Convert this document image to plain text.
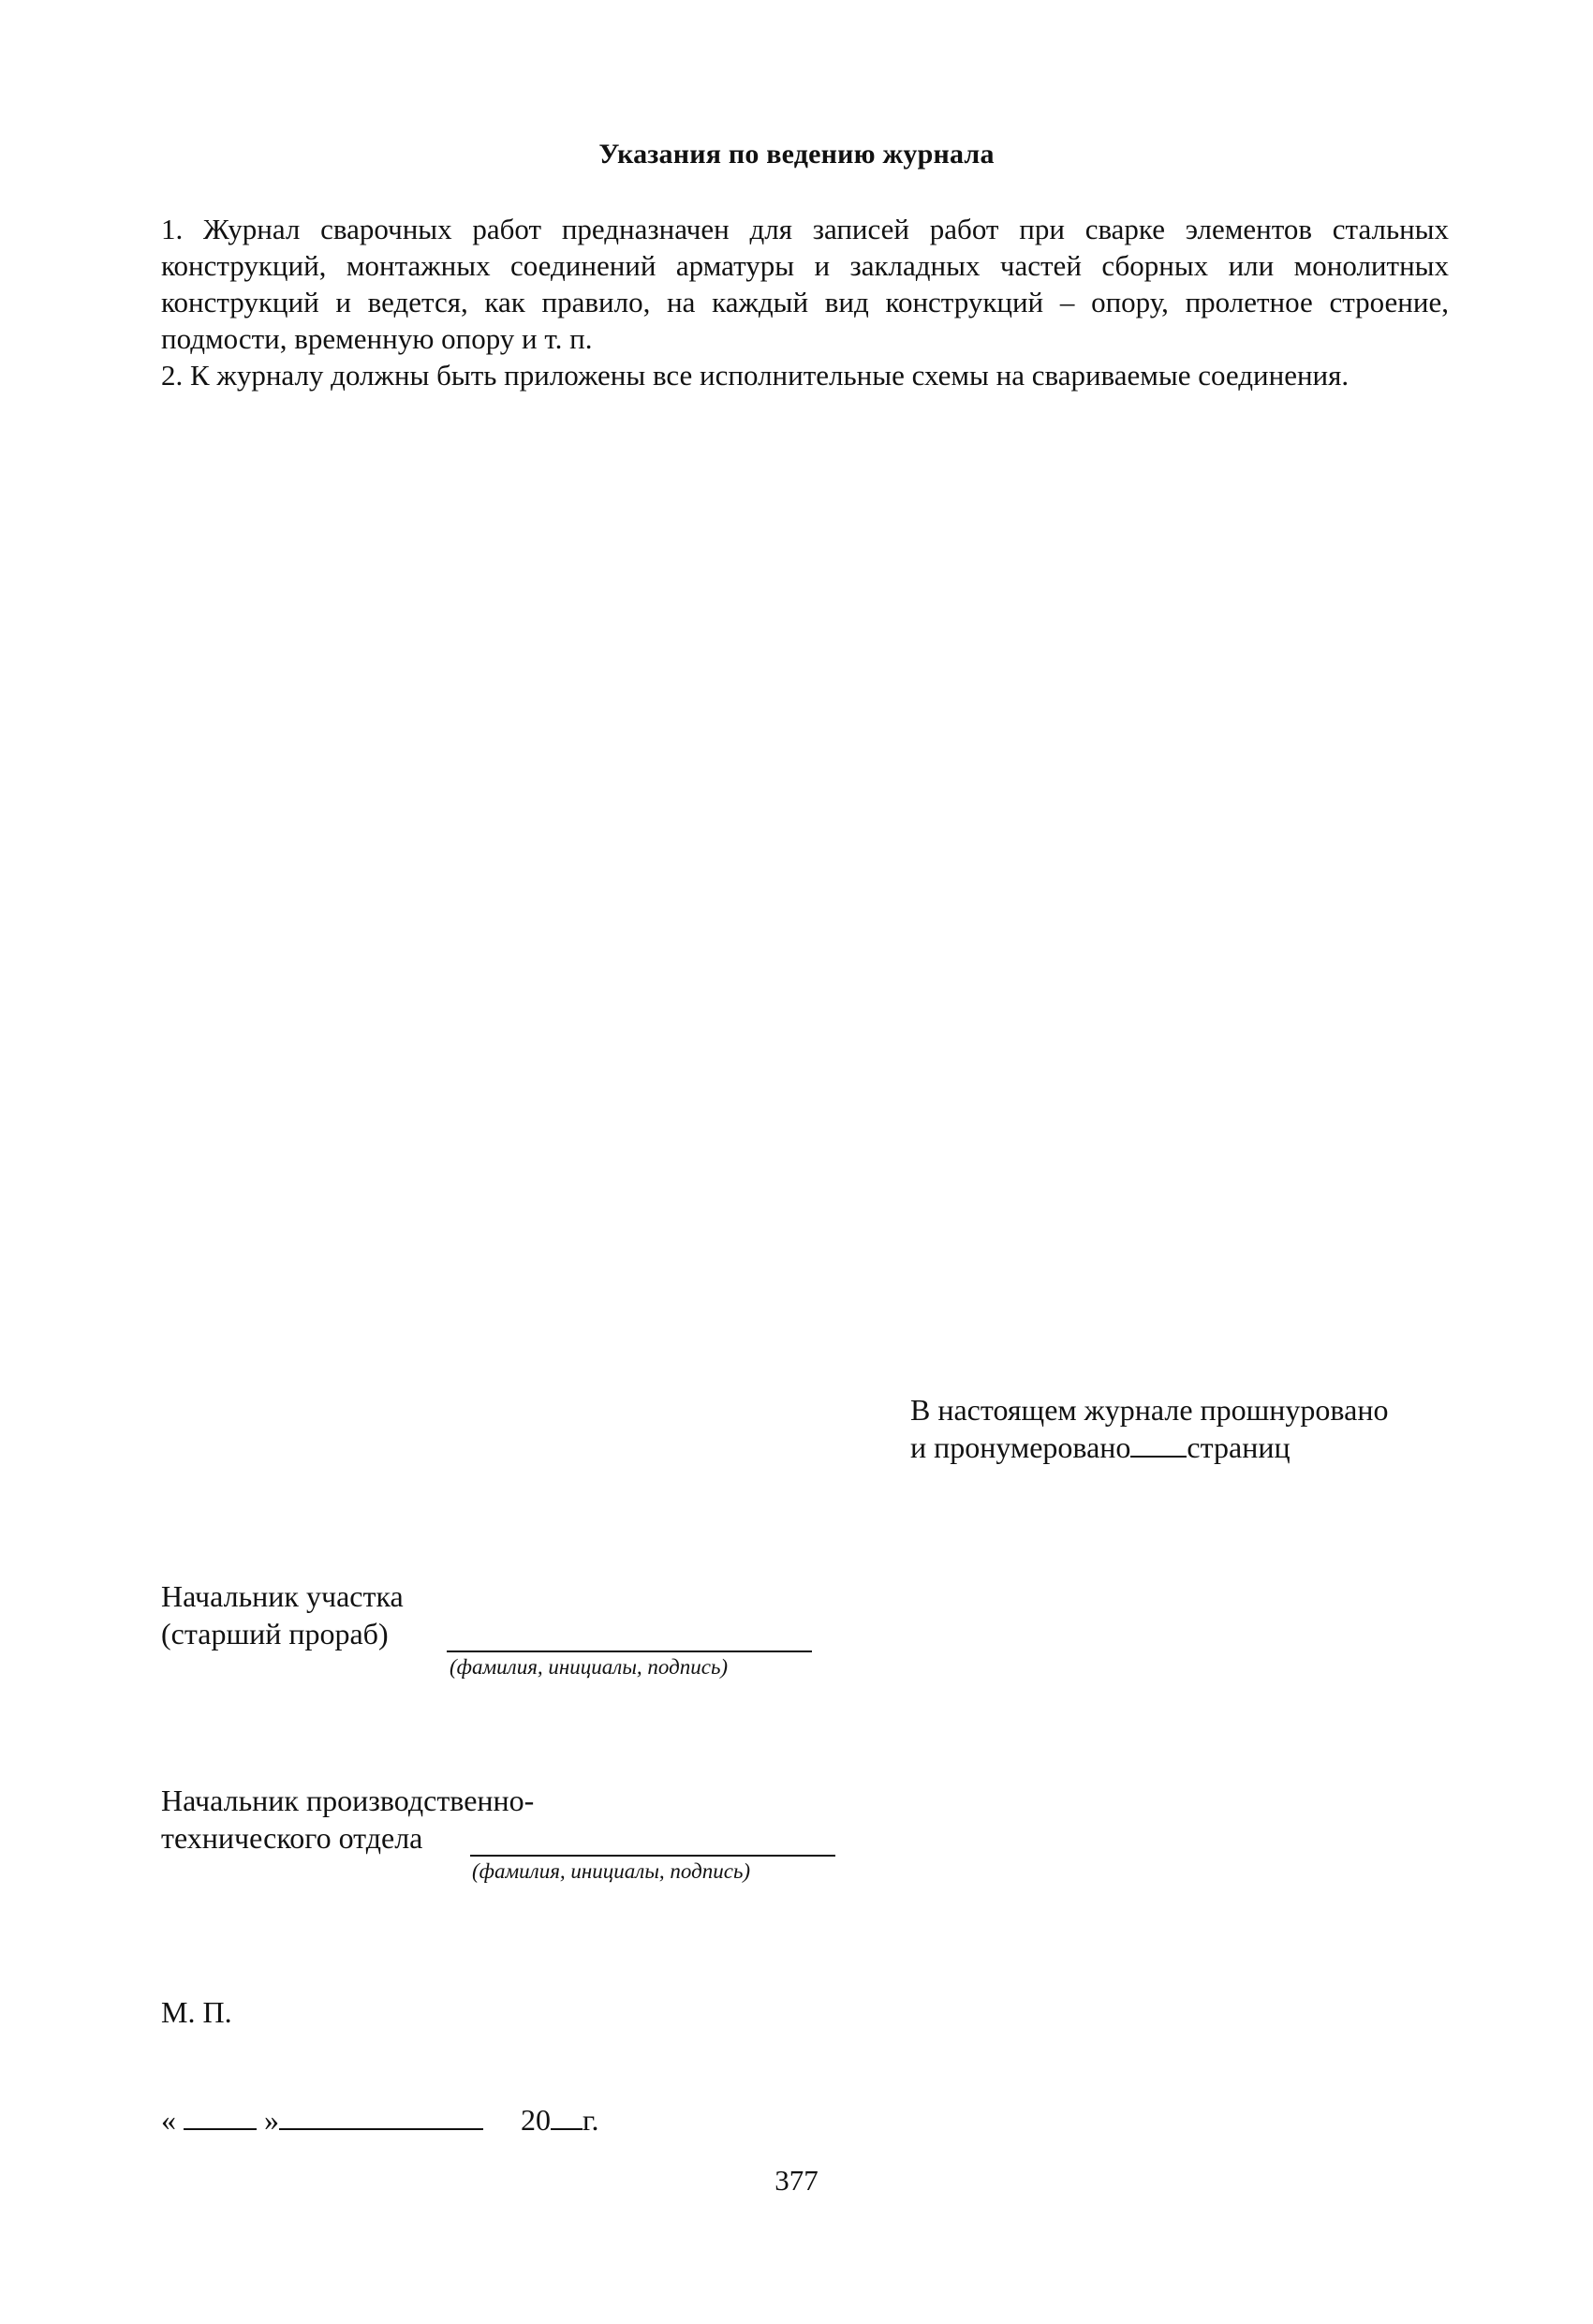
Указания по ведению журнала
1. Журнал сварочных работ предназначен для записей работ при сварке элементов стальных конструкций, монтажных соединений арматуры и закладных частей сборных или монолитных конструкций и ведется, как правило, на каждый вид конструкций – опору, пролетное строение, подмости, временную опору и т. п.
2. К журналу должны быть приложены все исполнительные схемы на свариваемые соединения.
В настоящем журнале прошнуровано
и пронумеровано страниц
Начальник участка
(старший прораб)
(фамилия, инициалы, подпись)
Начальник производственно-
технического отдела
(фамилия, инициалы, подпись)
М. П.
«	»	20 г.
377
